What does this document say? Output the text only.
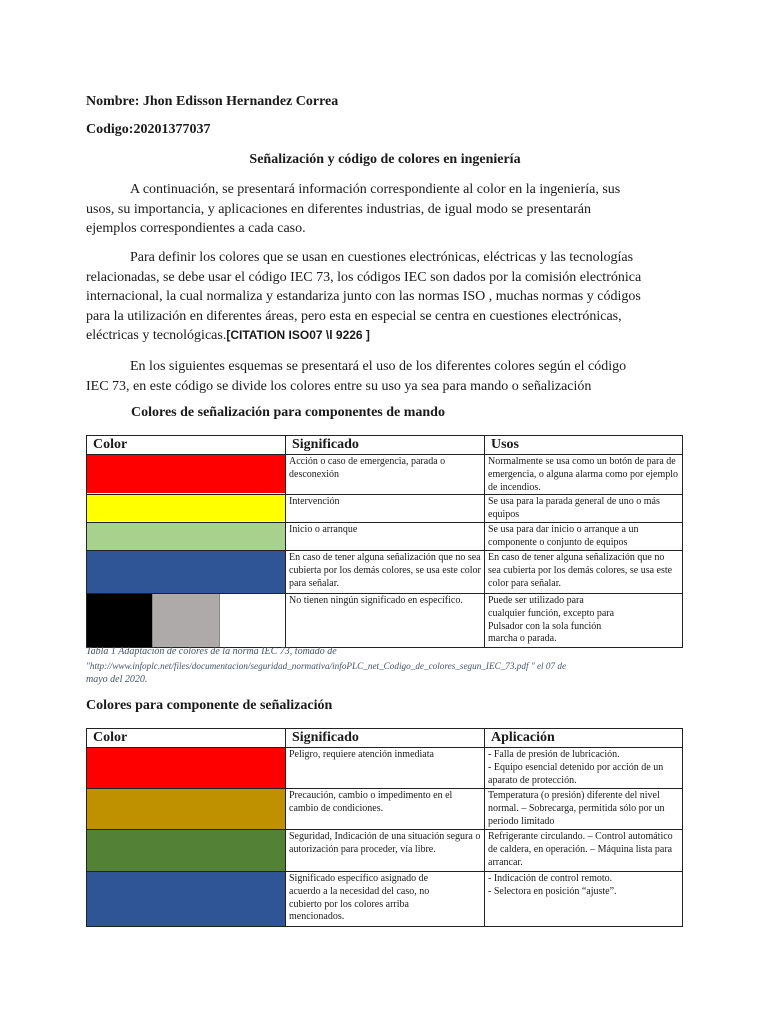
Nombre: Jhon Edisson Hernandez Correa
Codigo:20201377037
Señalización y código de colores en ingeniería
A continuación, se presentará información correspondiente al color en la ingeniería, sus
usos, su importancia, y aplicaciones en diferentes industrias, de igual modo se presentarán
ejemplos correspondientes a cada caso.
Para definir los colores que se usan en cuestiones electrónicas, eléctricas y las tecnologías
relacionadas, se debe usar el código IEC 73, los códigos IEC son dados por la comisión electrónica
internacional, la cual normaliza y estandariza junto con las normas ISO , muchas normas y códigos
para la utilización en diferentes áreas, pero esta en especial se centra en cuestiones electrónicas,
eléctricas y tecnológicas.[CITATION ISO07 \l 9226 ]
En los siguientes esquemas se presentará el uso de los diferentes colores según el código
IEC 73, en este código se divide los colores entre su uso ya sea para mando o señalización
Colores de señalización para componentes de mando
Color	Significado	Usos

	Acción o caso de emergencia, parada o desconexión	Normalmente se usa como un botón de para de emergencia, o alguna alarma como por ejemplo de incendios.

	Intervención	Se usa para la parada general de uno o más equipos

	Inicio o arranque	Se usa para dar inicio o arranque a un componente o conjunto de equipos

	En caso de tener alguna señalización que no sea cubierta por los demás colores, se usa este color para señalar.	En caso de tener alguna señalización que no sea cubierta por los demás colores, se usa este color para señalar.

	No tienen ningún significado en específico.	Puede ser utilizado para cualquier función, excepto para Pulsador con la sola función marcha o parada.
Tabla 1 Adaptación de colores de la norma IEC 73, tomado de
"http://www.infoplc.net/files/documentacion/seguridad_normativa/infoPLC_net_Codigo_de_colores_segun_IEC_73.pdf " el 07 de
mayo del 2020.
Colores para componente de señalización
Color	Significado	Aplicación

	Peligro, requiere atención inmediata	- Falla de presión de lubricación.
- Equipo esencial detenido por acción de un aparato de protección.

	Precaución, cambio o impedimento en el cambio de condiciones.	Temperatura (o presión) diferente del nivel normal. – Sobrecarga, permitida sólo por un periodo limitado

	Seguridad, Indicación de una situación segura o autorización para proceder, vía libre.	Refrigerante circulando. – Control automático de caldera, en operación. – Máquina lista para arrancar.

	Significado específico asignado de acuerdo a la necesidad del caso, no cubierto por los colores arriba mencionados.	- Indicación de control remoto.
- Selectora en posición “ajuste”.
